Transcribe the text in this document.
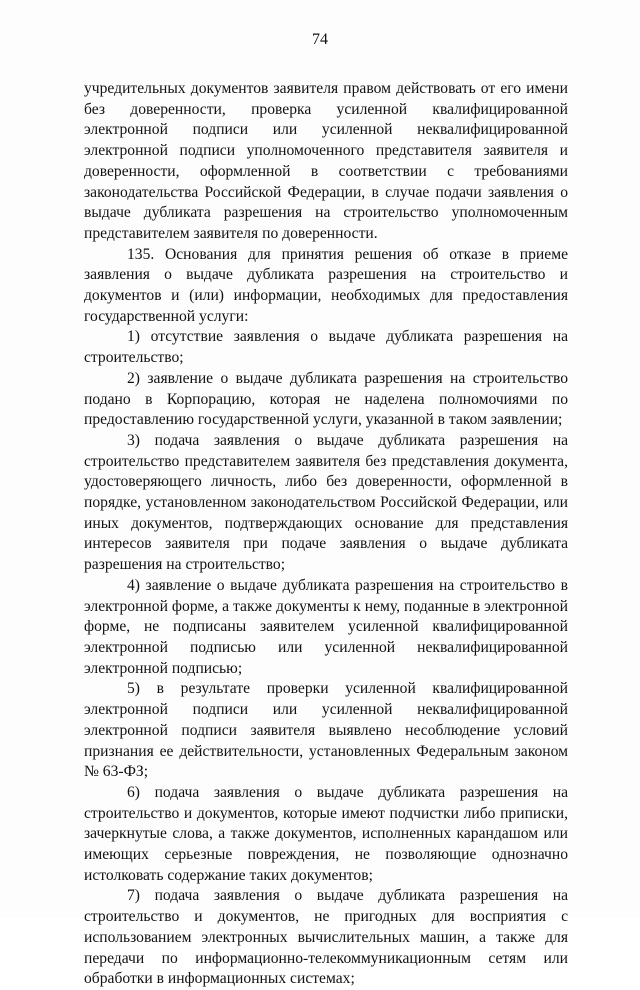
74

учредительных документов заявителя правом действовать от его имени без доверенности, проверка усиленной квалифицированной электронной подписи или усиленной неквалифицированной электронной подписи уполномоченного представителя заявителя и доверенности, оформленной в соответствии с требованиями законодательства Российской Федерации, в случае подачи заявления о выдаче дубликата разрешения на строительство уполномоченным представителем заявителя по доверенности.

135. Основания для принятия решения об отказе в приеме заявления о выдаче дубликата разрешения на строительство и документов и (или) информации, необходимых для предоставления государственной услуги:

1) отсутствие заявления о выдаче дубликата разрешения на строительство;

2) заявление о выдаче дубликата разрешения на строительство подано в Корпорацию, которая не наделена полномочиями по предоставлению государственной услуги, указанной в таком заявлении;

3) подача заявления о выдаче дубликата разрешения на строительство представителем заявителя без представления документа, удостоверяющего личность, либо без доверенности, оформленной в порядке, установленном законодательством Российской Федерации, или иных документов, подтверждающих основание для представления интересов заявителя при подаче заявления о выдаче дубликата разрешения на строительство;

4) заявление о выдаче дубликата разрешения на строительство в электронной форме, а также документы к нему, поданные в электронной форме, не подписаны заявителем усиленной квалифицированной электронной подписью или усиленной неквалифицированной электронной подписью;

5) в результате проверки усиленной квалифицированной электронной подписи или усиленной неквалифицированной электронной подписи заявителя выявлено несоблюдение условий признания ее действительности, установленных Федеральным законом № 63-ФЗ;

6) подача заявления о выдаче дубликата разрешения на строительство и документов, которые имеют подчистки либо приписки, зачеркнутые слова, а также документов, исполненных карандашом или имеющих серьезные повреждения, не позволяющие однозначно истолковать содержание таких документов;

7) подача заявления о выдаче дубликата разрешения на строительство и документов, не пригодных для восприятия с использованием электронных вычислительных машин, а также для передачи по информационно-телекоммуникационным сетям или обработки в информационных системах;
